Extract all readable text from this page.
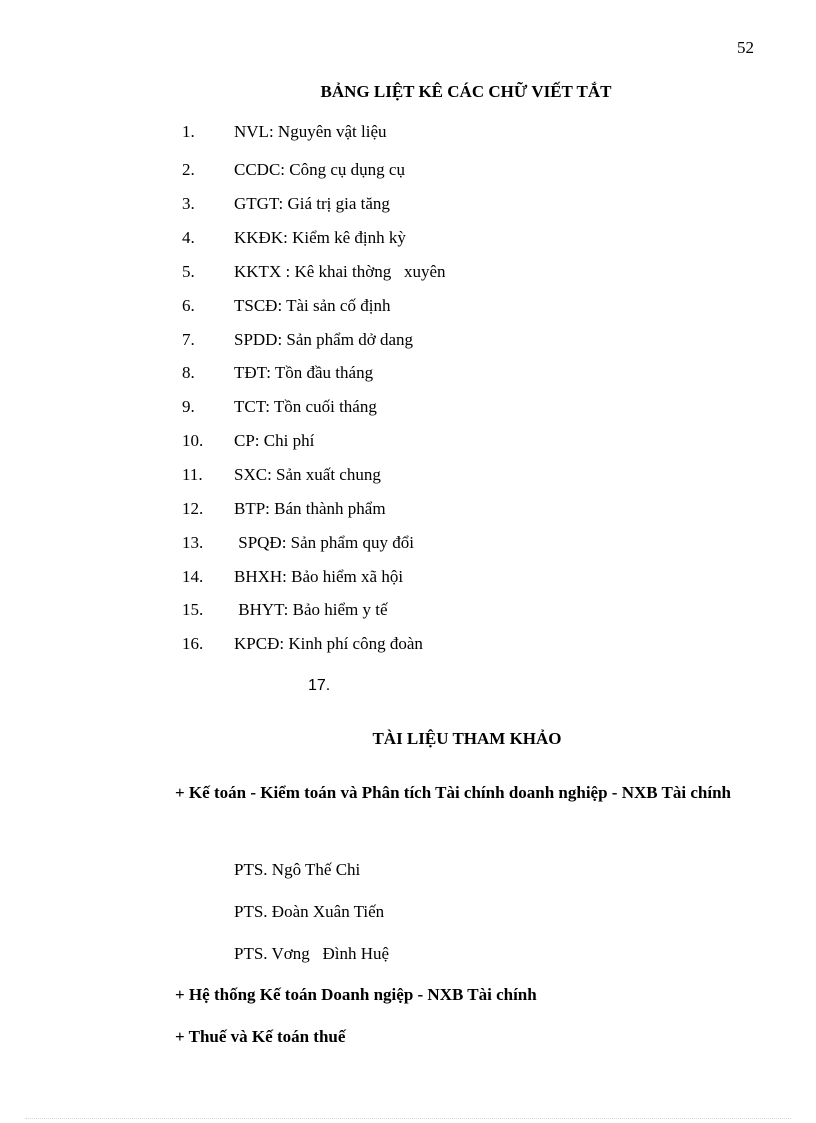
52
BẢNG LIỆT KÊ CÁC CHỮ VIẾT TẮT
1. NVL: Nguyên vật liệu
2. CCDC: Công cụ dụng cụ
3. GTGT: Giá trị gia tăng
4. KKĐK: Kiểm kê định kỳ
5. KKTX : Kê khai thờng   xuyên
6. TSCĐ: Tài sản cố định
7. SPDD: Sản phẩm dở dang
8. TĐT: Tồn đầu tháng
9. TCT: Tồn cuối tháng
10. CP: Chi phí
11. SXC: Sản xuất chung
12. BTP: Bán thành phẩm
13. SPQĐ: Sản phẩm quy đổi
14. BHXH: Bảo hiểm xã hội
15. BHYT: Bảo hiểm y tế
16. KPCĐ: Kinh phí công đoàn
17.
TÀI LIỆU THAM KHẢO
+ Kế toán - Kiểm toán và Phân tích Tài chính doanh nghiệp - NXB Tài chính
PTS. Ngô Thế Chi
PTS. Đoàn Xuân Tiến
PTS. Vơng   Đình Huệ
+ Hệ thống Kế toán Doanh ngiệp - NXB Tài chính
+ Thuế và Kế toán thuế
